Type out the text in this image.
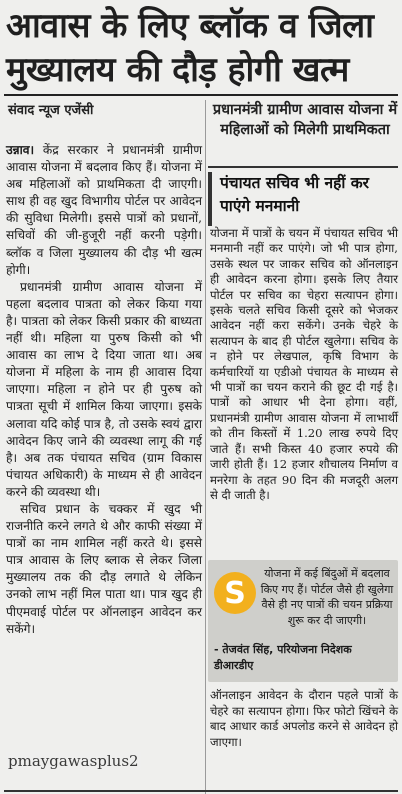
आवास के लिए ब्लॉक व जिला
मुख्यालय की दौड़ होगी खत्म
संवाद न्यूज एजेंसी

उन्नाव। केंद्र सरकार ने प्रधानमंत्री ग्रामीण आवास योजना में बदलाव किए हैं। योजना में अब महिलाओं को प्राथमिकता दी जाएगी। साथ ही वह खुद विभागीय पोर्टल पर आवेदन की सुविधा मिलेगी। इससे पात्रों को प्रधानों, सचिवों की जी-हुजूरी नहीं करनी पड़ेगी। ब्लॉक व जिला मुख्यालय की दौड़ भी खत्म होगी।

प्रधानमंत्री ग्रामीण आवास योजना में पहला बदलाव पात्रता को लेकर किया गया है। पात्रता को लेकर किसी प्रकार की बाध्यता नहीं थी। महिला या पुरुष किसी को भी आवास का लाभ दे दिया जाता था। अब योजना में महिला के नाम ही आवास दिया जाएगा। महिला न होने पर ही पुरुष को पात्रता सूची में शामिल किया जाएगा। इसके अलावा यदि कोई पात्र है, तो उसके स्वयं द्वारा आवेदन किए जाने की व्यवस्था लागू की गई है। अब तक पंचायत सचिव (ग्राम विकास पंचायत अधिकारी) के माध्यम से ही आवेदन करने की व्यवस्था थी।

सचिव प्रधान के चक्कर में खुद भी राजनीति करने लगते थे और काफी संख्या में पात्रों का नाम शामिल नहीं करते थे। इससे पात्र आवास के लिए ब्लाक से लेकर जिला मुख्यालय तक की दौड़ लगाते थे लेकिन उनको लाभ नहीं मिल पाता था। पात्र खुद ही पीएमवाई पोर्टल पर ऑनलाइन आवेदन कर सकेंगे।

प्रधानमंत्री ग्रामीण आवास योजना में महिलाओं को मिलेगी प्राथमिकता
पंचायत सचिव भी नहीं कर पाएंगे मनमानी
योजना में पात्रों के चयन में पंचायत सचिव भी मनमानी नहीं कर पाएंगे। जो भी पात्र होगा, उसके स्थल पर जाकर सचिव को ऑनलाइन ही आवेदन करना होगा। इसके लिए तैयार पोर्टल पर सचिव का चेहरा सत्यापन होगा। इसके चलते सचिव किसी दूसरे को भेजकर आवेदन नहीं करा सकेंगे। उनके चेहरे के सत्यापन के बाद ही पोर्टल खुलेगा। सचिव के न होने पर लेखपाल, कृषि विभाग के कर्मचारियों या एडीओ पंचायत के माध्यम से भी पात्रों का चयन कराने की छूट दी गई है। पात्रों को आधार भी देना होगा। वहीं, प्रधानमंत्री ग्रामीण आवास योजना में लाभार्थी को तीन किस्तों में 1.20 लाख रुपये दिए जाते हैं। सभी किस्त 40 हजार रुपये की जारी होती हैं। 12 हजार शौचालय निर्माण व मनरेगा के तहत 90 दिन की मजदूरी अलग से दी जाती है।
S
योजना में कई बिंदुओं में बदलाव किए गए हैं। पोर्टल जैसे ही खुलेगा वैसे ही नए पात्रों की चयन प्रक्रिया शुरू कर दी जाएगी।
- तेजवंत सिंह, परियोजना निदेशक डीआरडीए
ऑनलाइन आवेदन के दौरान पहले पात्रों के चेहरे का सत्यापन होगा। फिर फोटो खिंचने के बाद आधार कार्ड अपलोड करने से आवेदन हो जाएगा।
pmaygawasplus2
